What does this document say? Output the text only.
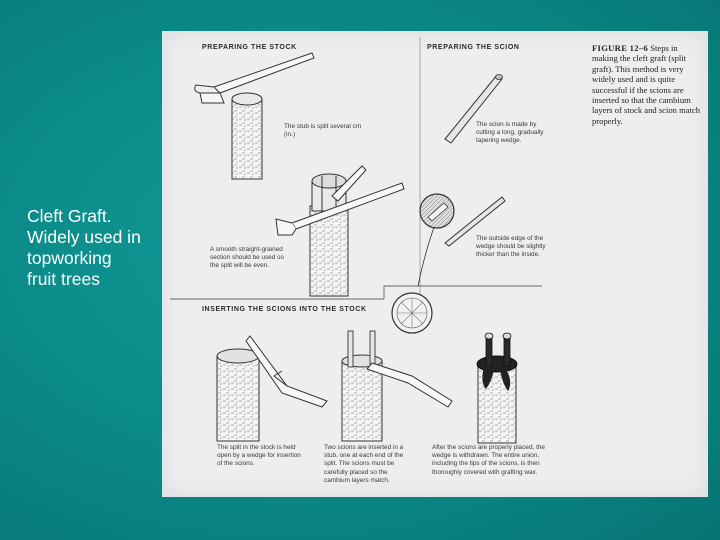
Cleft Graft.
Widely used in
topworking
fruit trees
PREPARING THE STOCK	PREPARING THE SCION
INSERTING THE SCIONS INTO THE STOCK
FIGURE 12–6 Steps in making the cleft graft (split graft). This method is very widely used and is quite successful if the scions are inserted so that the cambium layers of stock and scion match properly.
The stub is split several cm (in.)
The scion is made by cutting a long, gradually tapering wedge.
The outside edge of the wedge should be slightly thicker than the inside.
A smooth straight-grained section should be used so the split will be even.
The split in the stock is held open by a wedge for insertion of the scions.
Two scions are inserted in a stub, one at each end of the split. The scions must be carefully placed so the cambium layers match.
After the scions are properly placed, the wedge is withdrawn. The entire union, including the tips of the scions, is then thoroughly covered with grafting wax.
